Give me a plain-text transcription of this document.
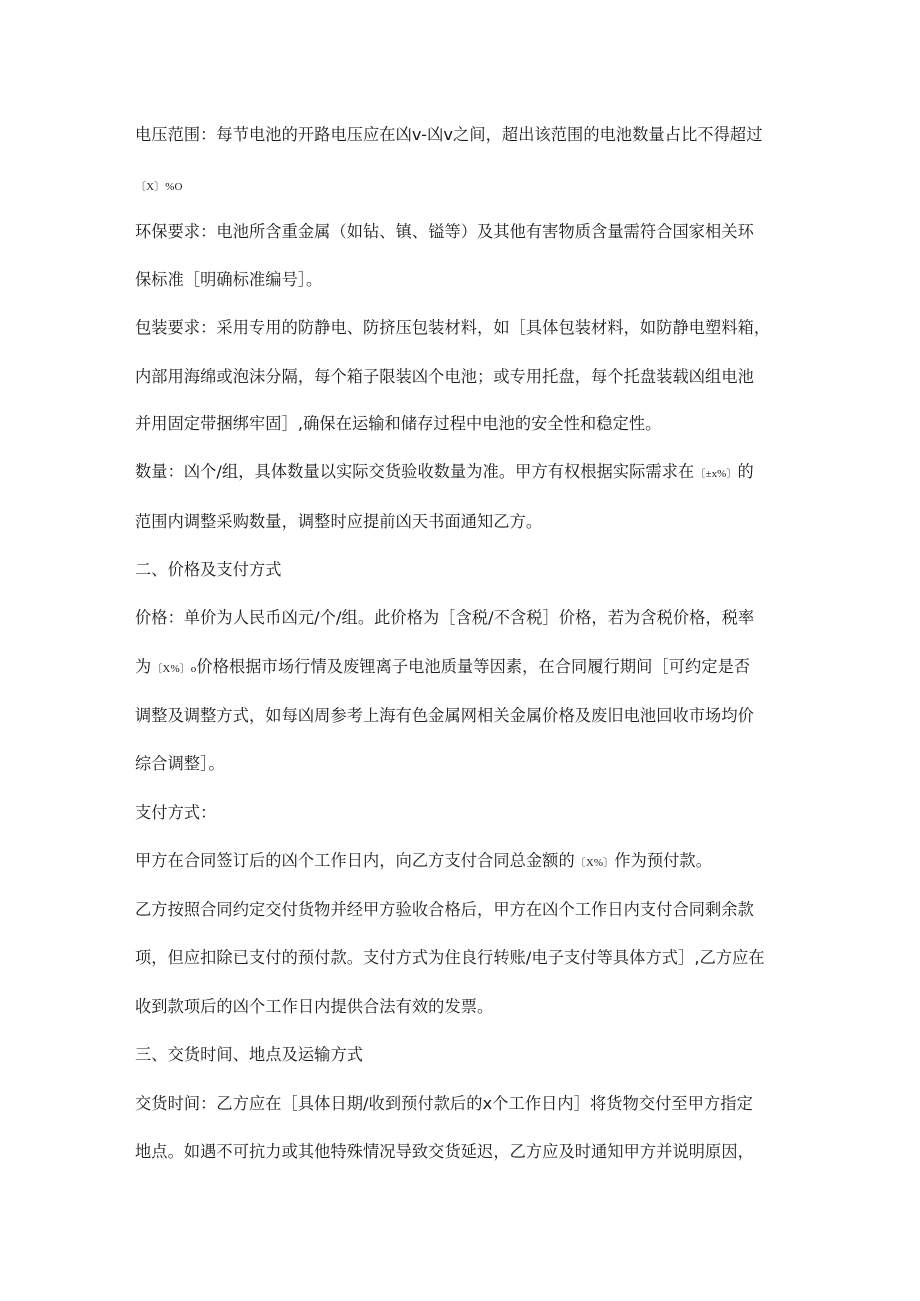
电压范围：每节电池的开路电压应在凶v-凶v之间，超出该范围的电池数量占比不得超过
〔X〕%O
环保要求：电池所含重金属（如钻、镇、镒等）及其他有害物质含量需符合国家相关环
保标准［明确标准编号］。
包装要求：采用专用的防静电、防挤压包装材料，如［具体包装材料，如防静电塑料箱，
内部用海绵或泡沫分隔，每个箱子限装凶个电池；或专用托盘，每个托盘装载凶组电池
并用固定带捆绑牢固］,确保在运输和储存过程中电池的安全性和稳定性。
数量：凶个/组，具体数量以实际交货验收数量为准。甲方有权根据实际需求在〔±x%〕的
范围内调整采购数量，调整时应提前凶天书面通知乙方。
二、价格及支付方式
价格：单价为人民币凶元/个/组。此价格为［含税/不含税］价格，若为含税价格，税率
为〔X%〕o价格根据市场行情及废锂离子电池质量等因素，在合同履行期间［可约定是否
调整及调整方式，如每凶周参考上海有色金属网相关金属价格及废旧电池回收市场均价
综合调整］。
支付方式：
甲方在合同签订后的凶个工作日内，向乙方支付合同总金额的〔X%〕作为预付款。
乙方按照合同约定交付货物并经甲方验收合格后，甲方在凶个工作日内支付合同剩余款
项，但应扣除已支付的预付款。支付方式为住良行转账/电子支付等具体方式］,乙方应在
收到款项后的凶个工作日内提供合法有效的发票。
三、交货时间、地点及运输方式
交货时间：乙方应在［具体日期/收到预付款后的x个工作日内］将货物交付至甲方指定
地点。如遇不可抗力或其他特殊情况导致交货延迟，乙方应及时通知甲方并说明原因，
